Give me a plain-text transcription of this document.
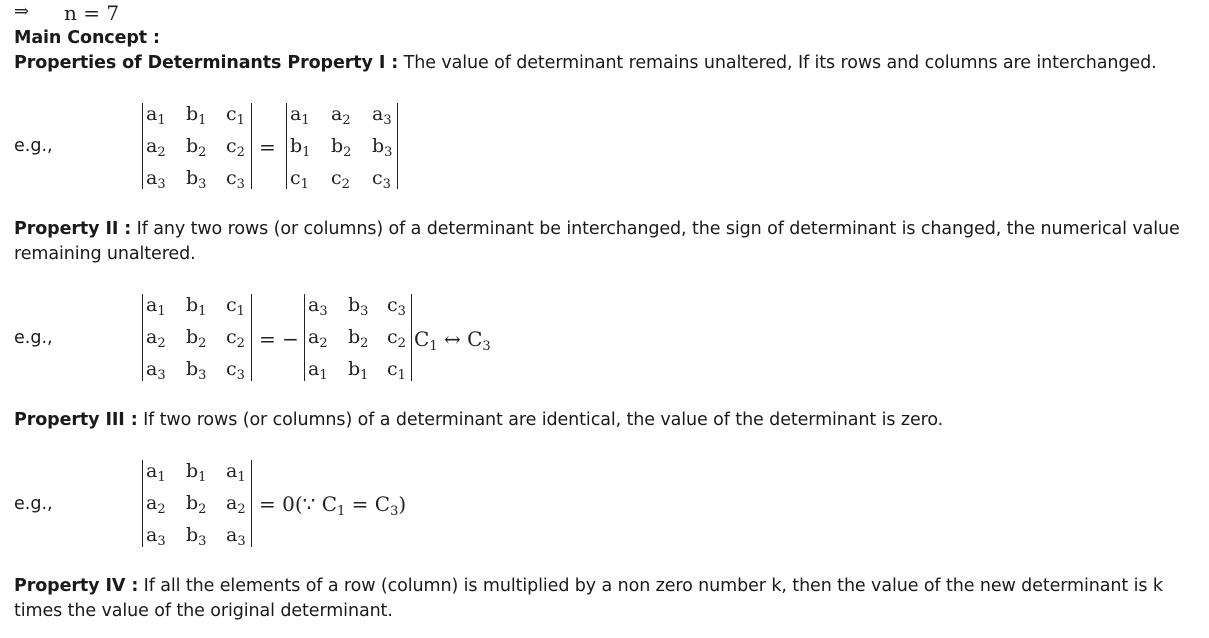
⇒ n = 7
Main Concept :
Properties of Determinants Property I : The value of determinant remains unaltered, If its rows and columns are interchanged.
e.g.,
$a_1$ $b_1$ $c_1$
$a_2$ $b_2$ $c_2$
$a_3$ $b_3$ $c_3$
=
$a_1$ $a_2$ $a_3$
$b_1$ $b_2$ $b_3$
$c_1$ $c_2$ $c_3$
Property II : If any two rows (or columns) of a determinant be interchanged, the sign of determinant is changed, the numerical value remaining unaltered.
e.g.,
$a_1$ $b_1$ $c_1$
$a_2$ $b_2$ $c_2$
$a_3$ $b_3$ $c_3$
= −
$a_3$ $b_3$ $c_3$
$a_2$ $b_2$ $c_2$
$a_1$ $b_1$ $c_1$
$C_1$ ↔ $C_3$
Property III : If two rows (or columns) of a determinant are identical, the value of the determinant is zero.
e.g.,
$a_1$ $b_1$ $a_1$
$a_2$ $b_2$ $a_2$
$a_3$ $b_3$ $a_3$
= 0(∵ $C_1 = C_3$)
Property IV : If all the elements of a row (column) is multiplied by a non zero number k, then the value of the new determinant is k times the value of the original determinant.
